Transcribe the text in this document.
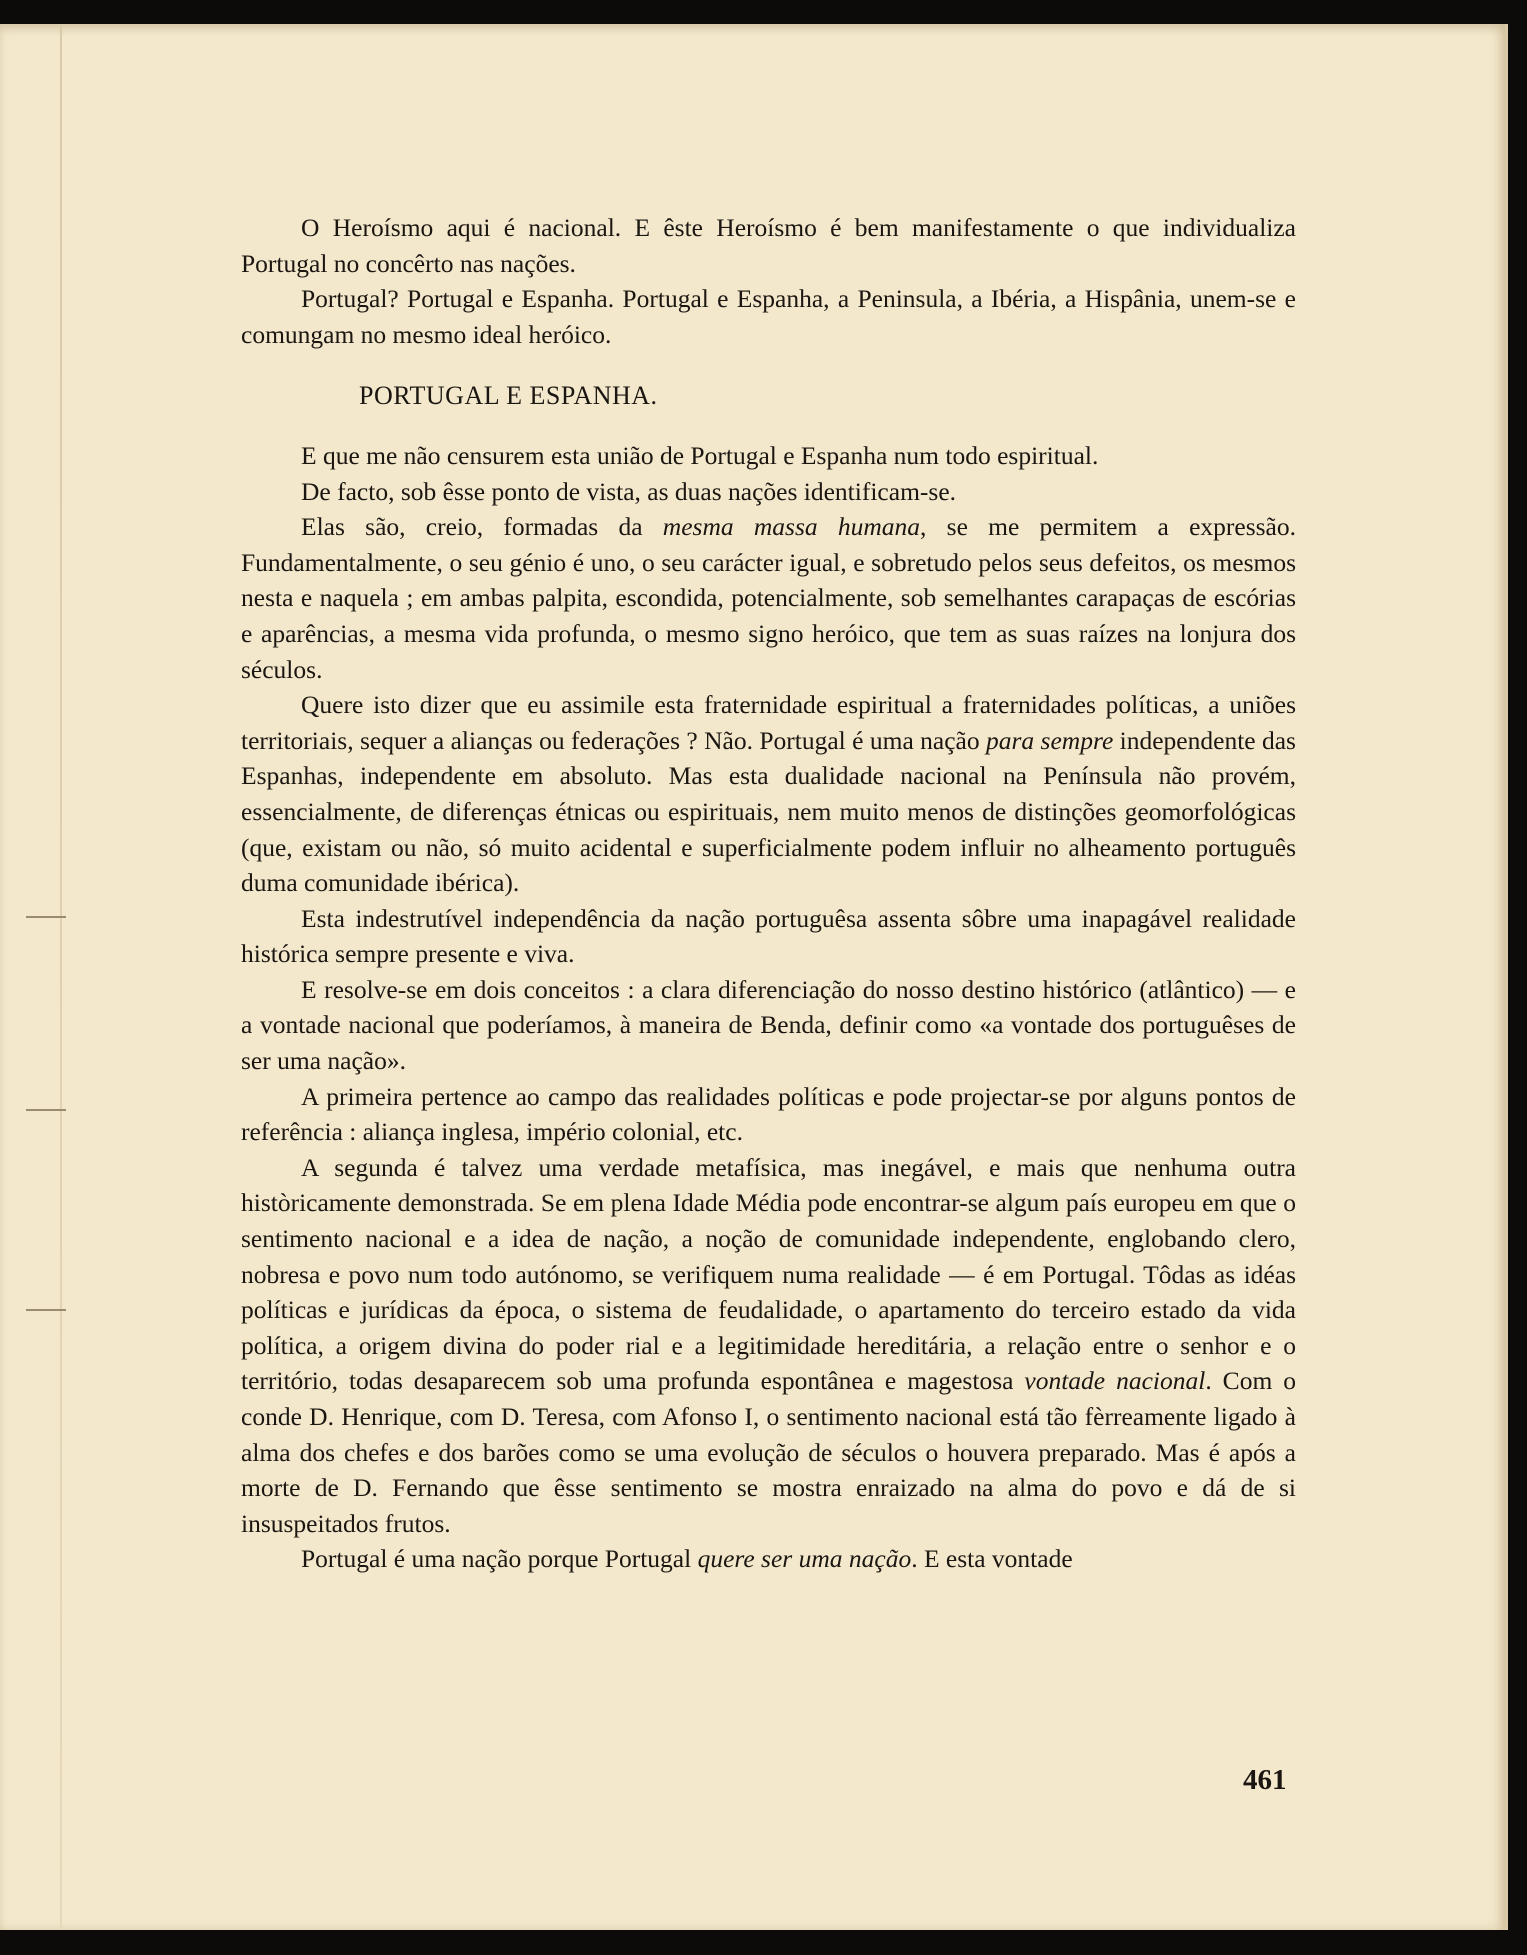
O Heroísmo aqui é nacional. E êste Heroísmo é bem manifestamente o que individualiza Portugal no concêrto nas nações.

Portugal? Portugal e Espanha. Portugal e Espanha, a Peninsula, a Ibéria, a Hispânia, unem-se e comungam no mesmo ideal heróico.

PORTUGAL E ESPANHA.

E que me não censurem esta união de Portugal e Espanha num todo espiritual.

De facto, sob êsse ponto de vista, as duas nações identificam-se.

Elas são, creio, formadas da mesma massa humana, se me permitem a expressão. Fundamentalmente, o seu génio é uno, o seu carácter igual, e sobretudo pelos seus defeitos, os mesmos nesta e naquela ; em ambas palpita, escondida, potencialmente, sob semelhantes carapaças de escórias e aparências, a mesma vida profunda, o mesmo signo heróico, que tem as suas raízes na lonjura dos séculos.

Quere isto dizer que eu assimile esta fraternidade espiritual a fraternidades políticas, a uniões territoriais, sequer a alianças ou federações ? Não. Portugal é uma nação para sempre independente das Espanhas, independente em absoluto. Mas esta dualidade nacional na Península não provém, essencialmente, de diferenças étnicas ou espirituais, nem muito menos de distinções geomorfológicas (que, existam ou não, só muito acidental e superficialmente podem influir no alheamento português duma comunidade ibérica).

Esta indestrutível independência da nação portuguêsa assenta sôbre uma inapagável realidade histórica sempre presente e viva.

E resolve-se em dois conceitos : a clara diferenciação do nosso destino histórico (atlântico) — e a vontade nacional que poderíamos, à maneira de Benda, definir como «a vontade dos portuguêses de ser uma nação».

A primeira pertence ao campo das realidades políticas e pode projectar-se por alguns pontos de referência : aliança inglesa, império colonial, etc.

A segunda é talvez uma verdade metafísica, mas inegável, e mais que nenhuma outra històricamente demonstrada. Se em plena Idade Média pode encontrar-se algum país europeu em que o sentimento nacional e a idea de nação, a noção de comunidade independente, englobando clero, nobresa e povo num todo autónomo, se verifiquem numa realidade — é em Portugal. Tôdas as idéas políticas e jurídicas da época, o sistema de feudalidade, o apartamento do terceiro estado da vida política, a origem divina do poder rial e a legitimidade hereditária, a relação entre o senhor e o território, todas desaparecem sob uma profunda espontânea e magestosa vontade nacional. Com o conde D. Henrique, com D. Teresa, com Afonso I, o sentimento nacional está tão fèrreamente ligado à alma dos chefes e dos barões como se uma evolução de séculos o houvera preparado. Mas é após a morte de D. Fernando que êsse sentimento se mostra enraizado na alma do povo e dá de si insuspeitados frutos.

Portugal é uma nação porque Portugal quere ser uma nação. E esta vontade

461
